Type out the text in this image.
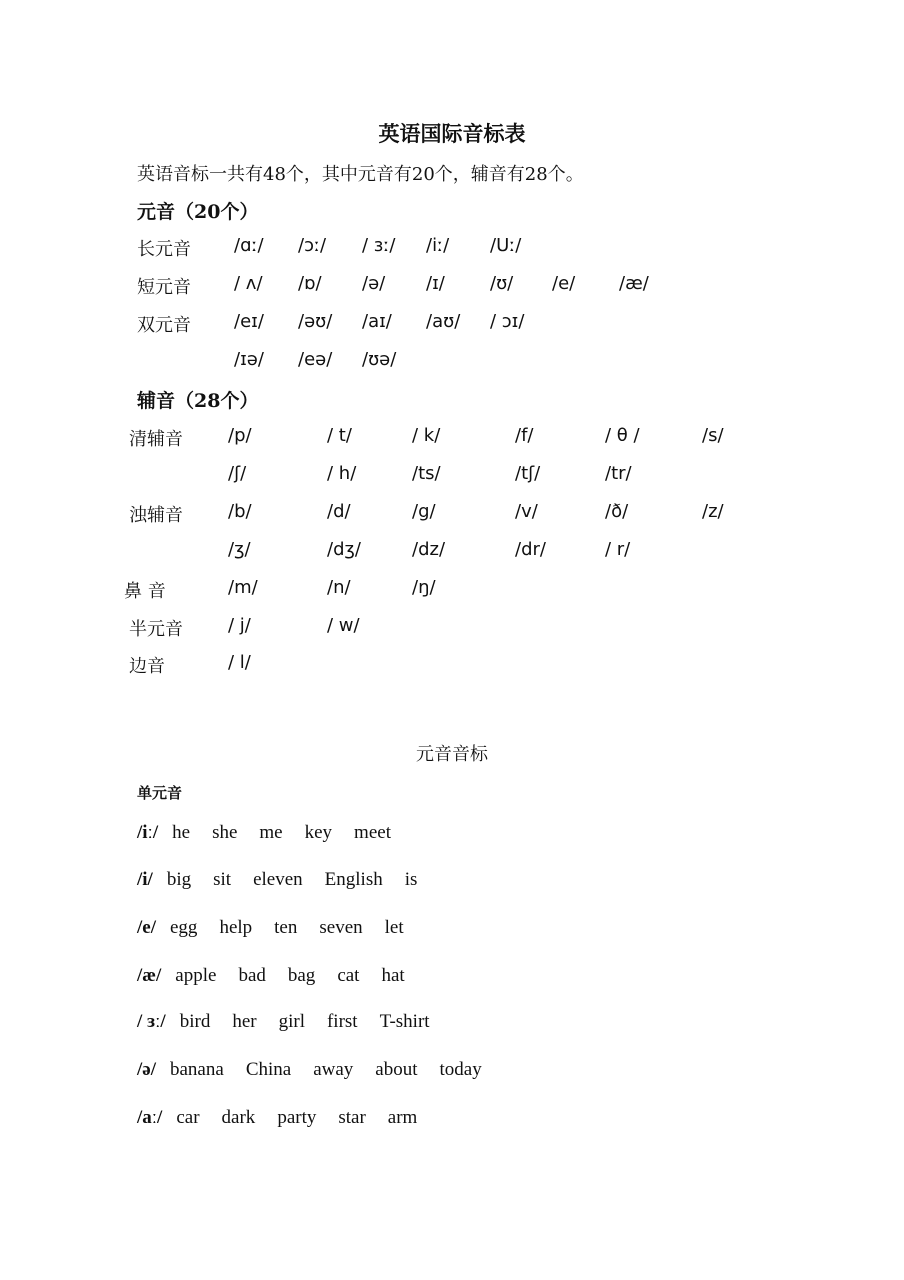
英语国际音标表
英语音标一共有48个，其中元音有20个，辅音有28个。
元音（20个）
辅音（28个）
元音音标
单元音
长元音 /ɑː/ /ɔː/ / ɜː/ /iː/ /Uː/
短元音 / ʌ/ /ɒ/ /ə/ /ɪ/	/ʊ/ /e/ /æ/
双元音 /eɪ/ /əʊ/ /aɪ/ /aʊ/ / ɔɪ/
/ɪə/ /eə/ /ʊə/
清辅音	/p/	/ t/	/ k/	/f/	/ θ /	/s/
/ʃ/	/ h/	/ts/	/tʃ/	/tr/
浊辅音	/b/	/d/	/g/	/v/	/ð/	/z/
/ʒ/	/dʒ/	/dz/	/dr/	/ r/
鼻 音	/m/	/n/	/ŋ/
半元音	/ j/	/ w/
边音	/ l/
/iː/ he she me key meet
/i/ big sit eleven English is
/e/ egg help ten seven let
/æ/ apple bad bag cat hat
/ ɜː/ bird her girl first T-shirt
/ə/ banana China away about today
/aː/ car dark party star arm
